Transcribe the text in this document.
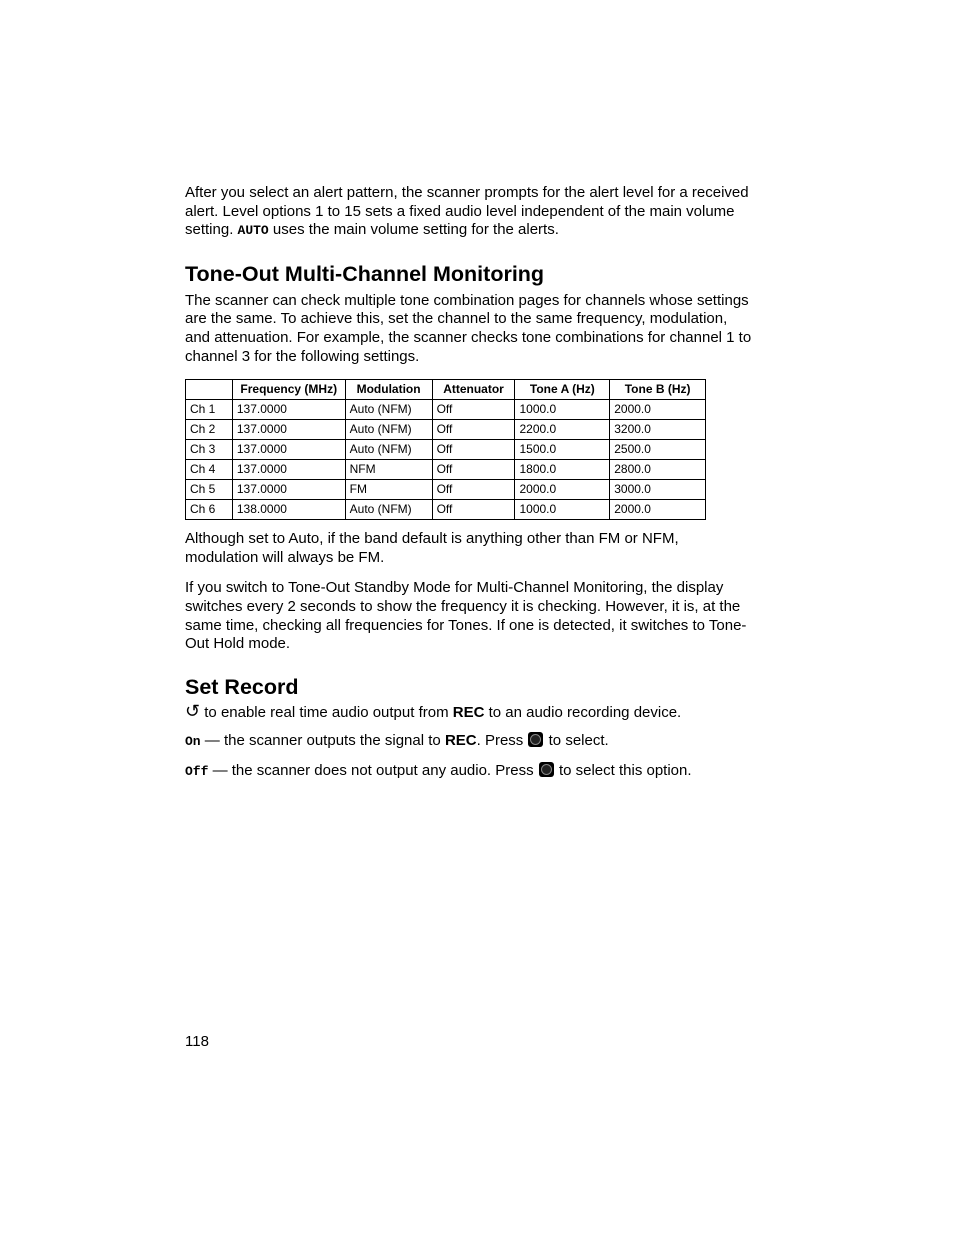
After you select an alert pattern, the scanner prompts for the alert level for a received alert. Level options 1 to 15 sets a fixed audio level independent of the main volume setting. AUTO uses the main volume setting for the alerts.

Tone-Out Multi-Channel Monitoring

The scanner can check multiple tone combination pages for channels whose settings are the same. To achieve this, set the channel to the same frequency, modulation, and attenuation. For example, the scanner checks tone combinations for channel 1 to channel 3 for the following settings.

	Frequency (MHz)	Modulation	Attenuator	Tone A (Hz)	Tone B (Hz)
Ch 1	137.0000	Auto (NFM)	Off	1000.0	2000.0
Ch 2	137.0000	Auto (NFM)	Off	2200.0	3200.0
Ch 3	137.0000	Auto (NFM)	Off	1500.0	2500.0
Ch 4	137.0000	NFM	Off	1800.0	2800.0
Ch 5	137.0000	FM	Off	2000.0	3000.0
Ch 6	138.0000	Auto (NFM)	Off	1000.0	2000.0

Although set to Auto, if the band default is anything other than FM or NFM, modulation will always be FM.

If you switch to Tone-Out Standby Mode for Multi-Channel Monitoring, the display switches every 2 seconds to show the frequency it is checking. However, it is, at the same time, checking all frequencies for Tones. If one is detected, it switches to Tone-Out Hold mode.

Set Record

↺ to enable real time audio output from REC to an audio recording device.

On — the scanner outputs the signal to REC. Press  to select.

Off — the scanner does not output any audio. Press  to select this option.

118
